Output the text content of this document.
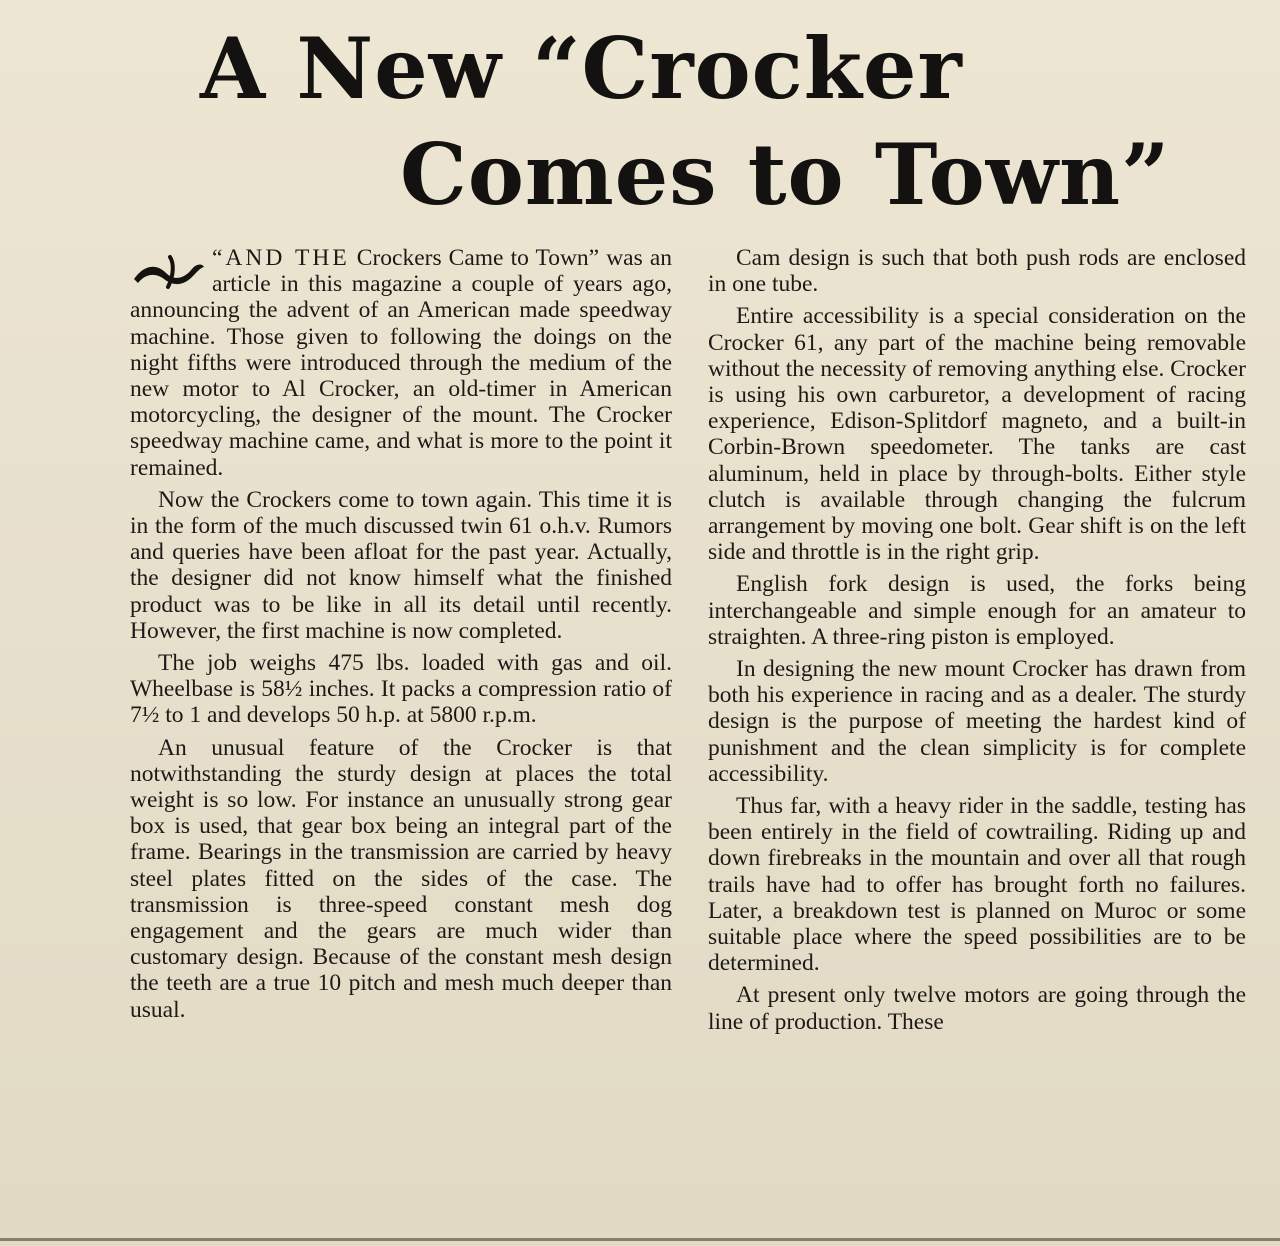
A New “Crocker
Comes to Town”

“AND THE Crockers Came to Town” was an article in this magazine a couple of years ago, announcing the advent of an American made speedway machine. Those given to following the doings on the night fifths were introduced through the medium of the new motor to Al Crocker, an old-timer in American motorcycling, the designer of the mount. The Crocker speedway machine came, and what is more to the point it remained.

Now the Crockers come to town again. This time it is in the form of the much discussed twin 61 o.h.v. Rumors and queries have been afloat for the past year. Actually, the designer did not know himself what the finished product was to be like in all its detail until recently. However, the first machine is now completed.

The job weighs 475 lbs. loaded with gas and oil. Wheelbase is 58½ inches. It packs a compression ratio of 7½ to 1 and develops 50 h.p. at 5800 r.p.m.

An unusual feature of the Crocker is that notwithstanding the sturdy design at places the total weight is so low. For instance an unusually strong gear box is used, that gear box being an integral part of the frame. Bearings in the transmission are carried by heavy steel plates fitted on the sides of the case. The transmission is three-speed constant mesh dog engagement and the gears are much wider than customary design. Because of the constant mesh design the teeth are a true 10 pitch and mesh much deeper than usual.

Cam design is such that both push rods are enclosed in one tube.

Entire accessibility is a special consideration on the Crocker 61, any part of the machine being removable without the necessity of removing anything else. Crocker is using his own carburetor, a development of racing experience, Edison-Splitdorf magneto, and a built-in Corbin-Brown speedometer. The tanks are cast aluminum, held in place by through-bolts. Either style clutch is available through changing the fulcrum arrangement by moving one bolt. Gear shift is on the left side and throttle is in the right grip.

English fork design is used, the forks being interchangeable and simple enough for an amateur to straighten. A three-ring piston is employed.

In designing the new mount Crocker has drawn from both his experience in racing and as a dealer. The sturdy design is the purpose of meeting the hardest kind of punishment and the clean simplicity is for complete accessibility.

Thus far, with a heavy rider in the saddle, testing has been entirely in the field of cowtrailing. Riding up and down firebreaks in the mountain and over all that rough trails have had to offer has brought forth no failures. Later, a breakdown test is planned on Muroc or some suitable place where the speed possibilities are to be determined.

At present only twelve motors are going through the line of production. These
